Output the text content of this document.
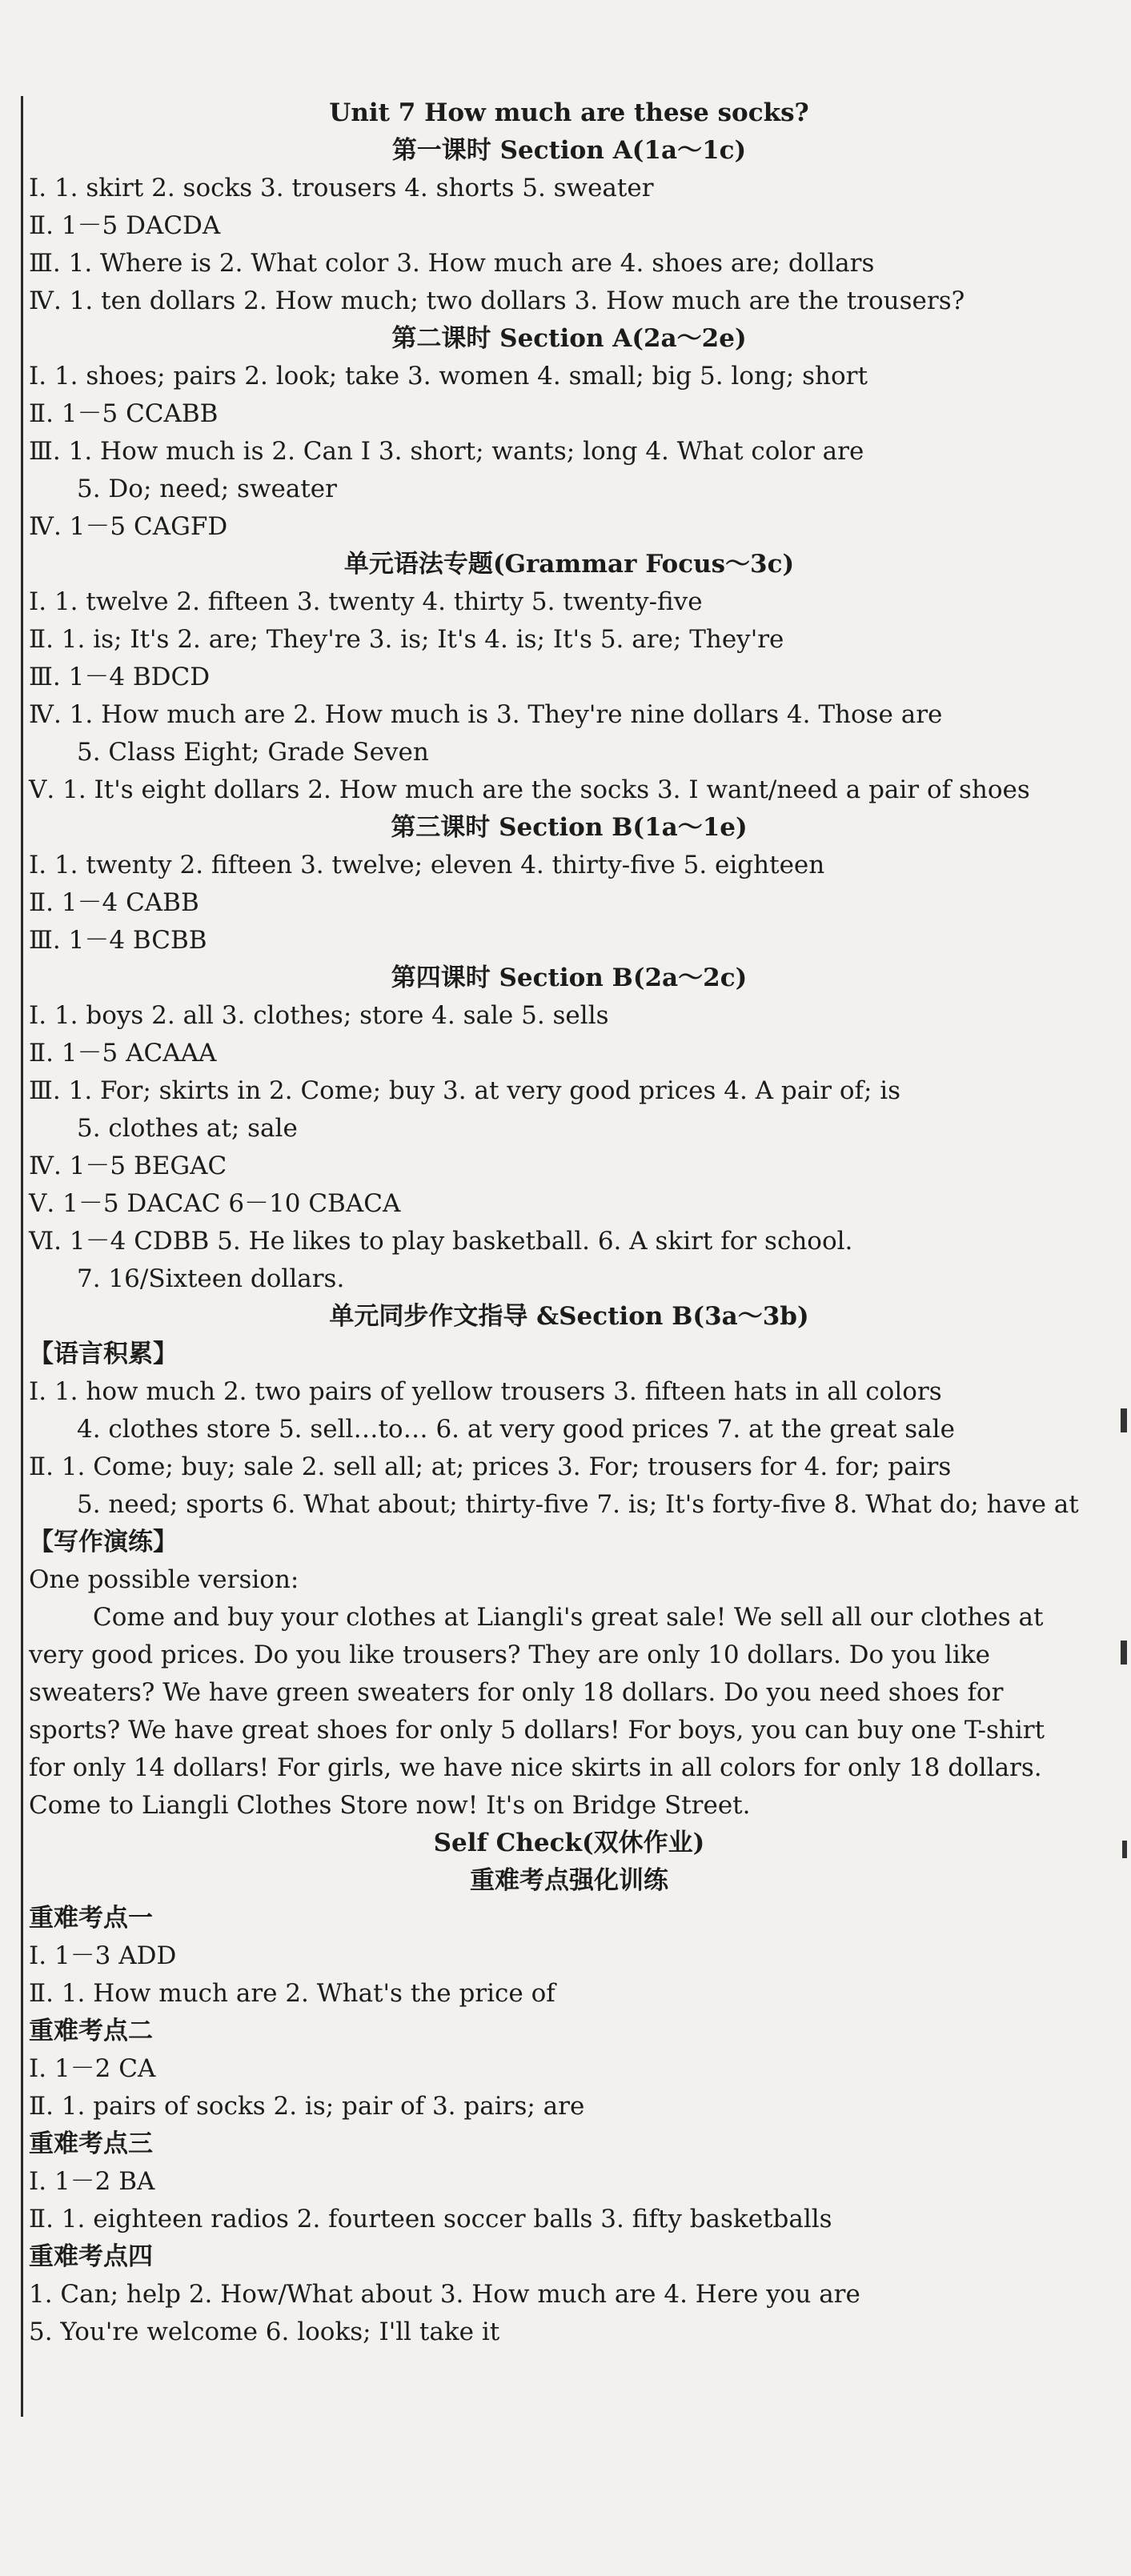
Unit 7 How much are these socks?
第一课时 Section A(1a～1c)
Ⅰ. 1. skirt 2. socks 3. trousers 4. shorts 5. sweater
Ⅱ. 1－5 DACDA
Ⅲ. 1. Where is 2. What color 3. How much are 4. shoes are; dollars
Ⅳ. 1. ten dollars 2. How much; two dollars 3. How much are the trousers?
第二课时 Section A(2a～2e)
Ⅰ. 1. shoes; pairs 2. look; take 3. women 4. small; big 5. long; short
Ⅱ. 1－5 CCABB
Ⅲ. 1. How much is 2. Can I 3. short; wants; long 4. What color are
5. Do; need; sweater
Ⅳ. 1－5 CAGFD
单元语法专题(Grammar Focus～3c)
Ⅰ. 1. twelve 2. fifteen 3. twenty 4. thirty 5. twenty-five
Ⅱ. 1. is; It's 2. are; They're 3. is; It's 4. is; It's 5. are; They're
Ⅲ. 1－4 BDCD
Ⅳ. 1. How much are 2. How much is 3. They're nine dollars 4. Those are
5. Class Eight; Grade Seven
Ⅴ. 1. It's eight dollars 2. How much are the socks 3. I want/need a pair of shoes
第三课时 Section B(1a～1e)
Ⅰ. 1. twenty 2. fifteen 3. twelve; eleven 4. thirty-five 5. eighteen
Ⅱ. 1－4 CABB
Ⅲ. 1－4 BCBB
第四课时 Section B(2a～2c)
Ⅰ. 1. boys 2. all 3. clothes; store 4. sale 5. sells
Ⅱ. 1－5 ACAAA
Ⅲ. 1. For; skirts in 2. Come; buy 3. at very good prices 4. A pair of; is
5. clothes at; sale
Ⅳ. 1－5 BEGAC
Ⅴ. 1－5 DACAC 6－10 CBACA
Ⅵ. 1－4 CDBB 5. He likes to play basketball. 6. A skirt for school.
7. 16/Sixteen dollars.
单元同步作文指导 &Section B(3a～3b)
【语言积累】
Ⅰ. 1. how much 2. two pairs of yellow trousers 3. fifteen hats in all colors
4. clothes store 5. sell…to… 6. at very good prices 7. at the great sale
Ⅱ. 1. Come; buy; sale 2. sell all; at; prices 3. For; trousers for 4. for; pairs
5. need; sports 6. What about; thirty-five 7. is; It's forty-five 8. What do; have at
【写作演练】
One possible version:
Come and buy your clothes at Liangli's great sale! We sell all our clothes at
very good prices. Do you like trousers? They are only 10 dollars. Do you like
sweaters? We have green sweaters for only 18 dollars. Do you need shoes for
sports? We have great shoes for only 5 dollars! For boys, you can buy one T-shirt
for only 14 dollars! For girls, we have nice skirts in all colors for only 18 dollars.
Come to Liangli Clothes Store now! It's on Bridge Street.
Self Check(双休作业)
重难考点强化训练
重难考点一
Ⅰ. 1－3 ADD
Ⅱ. 1. How much are 2. What's the price of
重难考点二
Ⅰ. 1－2 CA
Ⅱ. 1. pairs of socks 2. is; pair of 3. pairs; are
重难考点三
Ⅰ. 1－2 BA
Ⅱ. 1. eighteen radios 2. fourteen soccer balls 3. fifty basketballs
重难考点四
1. Can; help 2. How/What about 3. How much are 4. Here you are
5. You're welcome 6. looks; I'll take it
